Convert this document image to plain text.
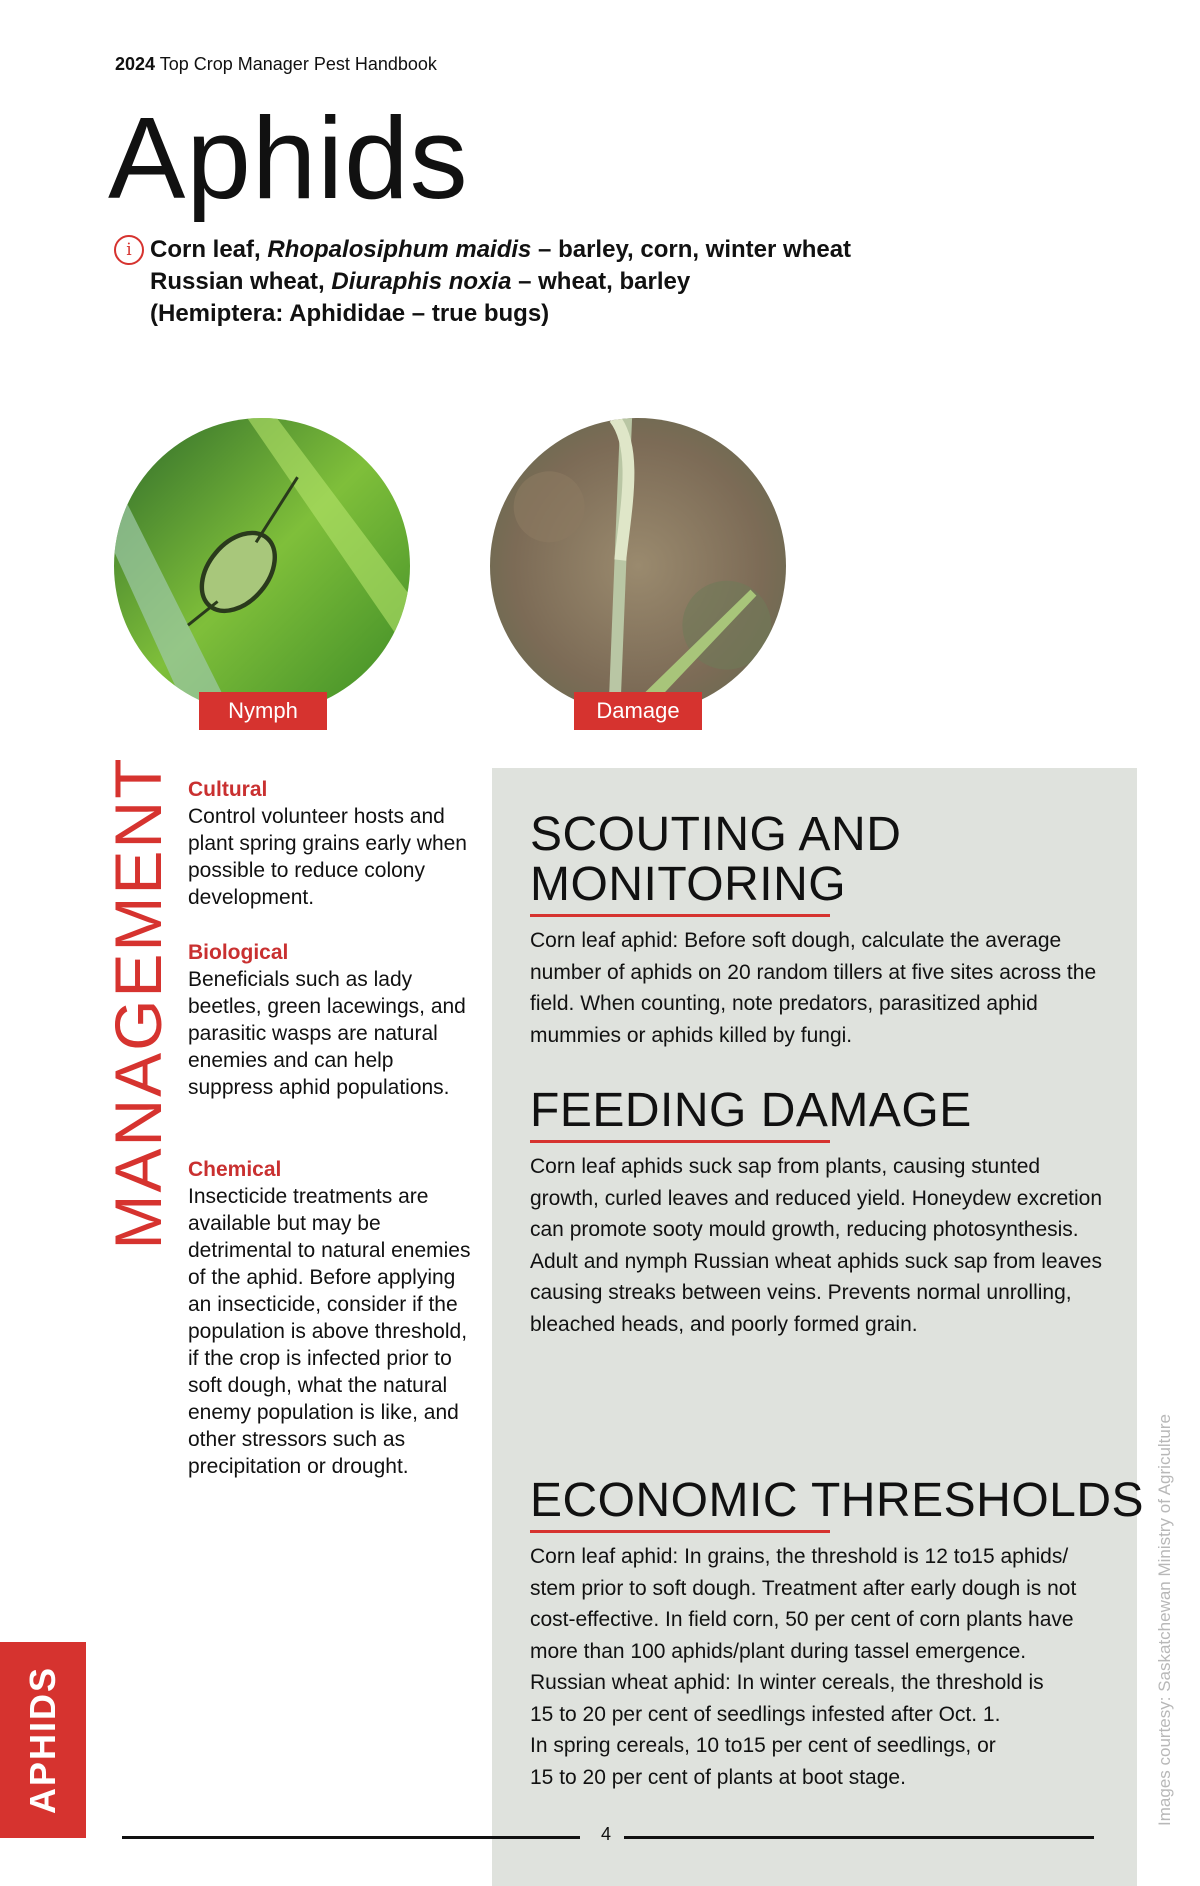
2024 Top Crop Manager Pest Handbook
Aphids
i Corn leaf, Rhopalosiphum maidis – barley, corn, winter wheat
Russian wheat, Diuraphis noxia – wheat, barley
(Hemiptera: Aphididae – true bugs)
Nymph	Damage
MANAGEMENT Cultural
Control volunteer hosts and plant spring grains early when possible to reduce colony development.
Biological
Beneficials such as lady beetles, green lacewings, and parasitic wasps are natural enemies and can help suppress aphid populations.
Chemical
Insecticide treatments are available but may be detrimental to natural enemies of the aphid. Before applying an insecticide, consider if the population is above threshold, if the crop is infected prior to soft dough, what the natural enemy population is like, and other stressors such as precipitation or drought.
SCOUTING AND
MONITORING
Corn leaf aphid: Before soft dough, calculate the average number of aphids on 20 random tillers at five sites across the field. When counting, note predators, parasitized aphid mummies or aphids killed by fungi.
FEEDING DAMAGE
Corn leaf aphids suck sap from plants, causing stunted growth, curled leaves and reduced yield. Honeydew excretion can promote sooty mould growth, reducing photosynthesis. Adult and nymph Russian wheat aphids suck sap from leaves causing streaks between veins. Prevents normal unrolling, bleached heads, and poorly formed grain.
ECONOMIC THRESHOLDS
Corn leaf aphid: In grains, the threshold is 12 to15 aphids/
stem prior to soft dough. Treatment after early dough is not
cost-effective. In field corn, 50 per cent of corn plants have
more than 100 aphids/plant during tassel emergence.
Russian wheat aphid: In winter cereals, the threshold is
15 to 20 per cent of seedlings infested after Oct. 1.
In spring cereals, 10 to15 per cent of seedlings, or
15 to 20 per cent of plants at boot stage.
APHIDS	Images courtesy: Saskatchewan Ministry of Agriculture
4
